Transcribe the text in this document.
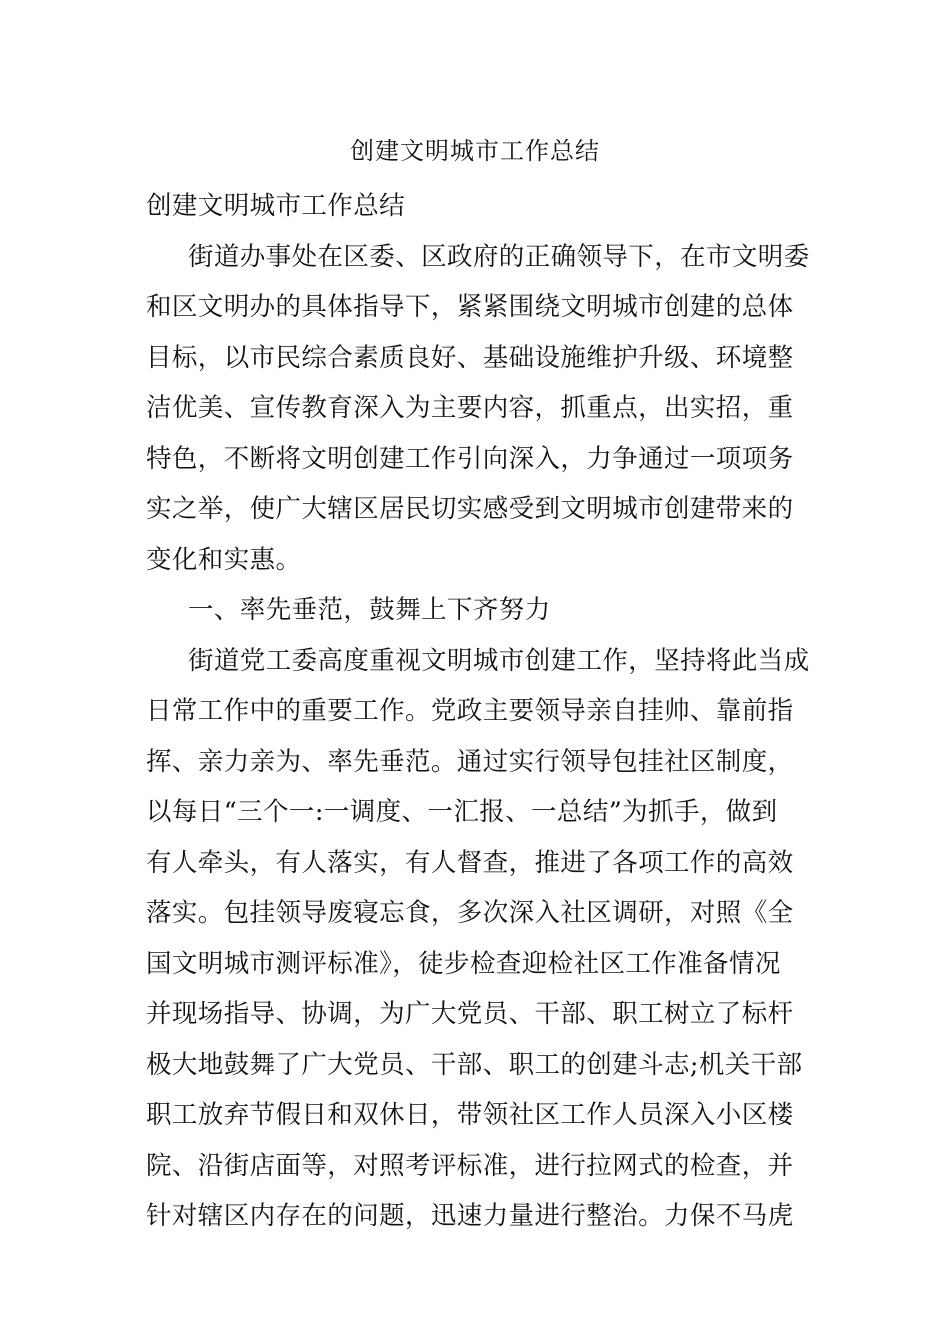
创建文明城市工作总结
创建文明城市工作总结
街道办事处在区委、区政府的正确领导下，在市文明委
和区文明办的具体指导下，紧紧围绕文明城市创建的总体
目标，以市民综合素质良好、基础设施维护升级、环境整
洁优美、宣传教育深入为主要内容，抓重点，出实招，重
特色，不断将文明创建工作引向深入，力争通过一项项务
实之举，使广大辖区居民切实感受到文明城市创建带来的
变化和实惠。
一、率先垂范，鼓舞上下齐努力
街道党工委高度重视文明城市创建工作，坚持将此当成
日常工作中的重要工作。党政主要领导亲自挂帅、靠前指
挥、亲力亲为、率先垂范。通过实行领导包挂社区制度，
以每日“三个一:一调度、一汇报、一总结”为抓手，做到
有人牵头，有人落实，有人督查，推进了各项工作的高效
落实。包挂领导废寝忘食，多次深入社区调研，对照《全
国文明城市测评标准》，徒步检查迎检社区工作准备情况
并现场指导、协调，为广大党员、干部、职工树立了标杆
极大地鼓舞了广大党员、干部、职工的创建斗志;机关干部
职工放弃节假日和双休日，带领社区工作人员深入小区楼
院、沿街店面等，对照考评标准，进行拉网式的检查，并
针对辖区内存在的问题，迅速力量进行整治。力保不马虎
